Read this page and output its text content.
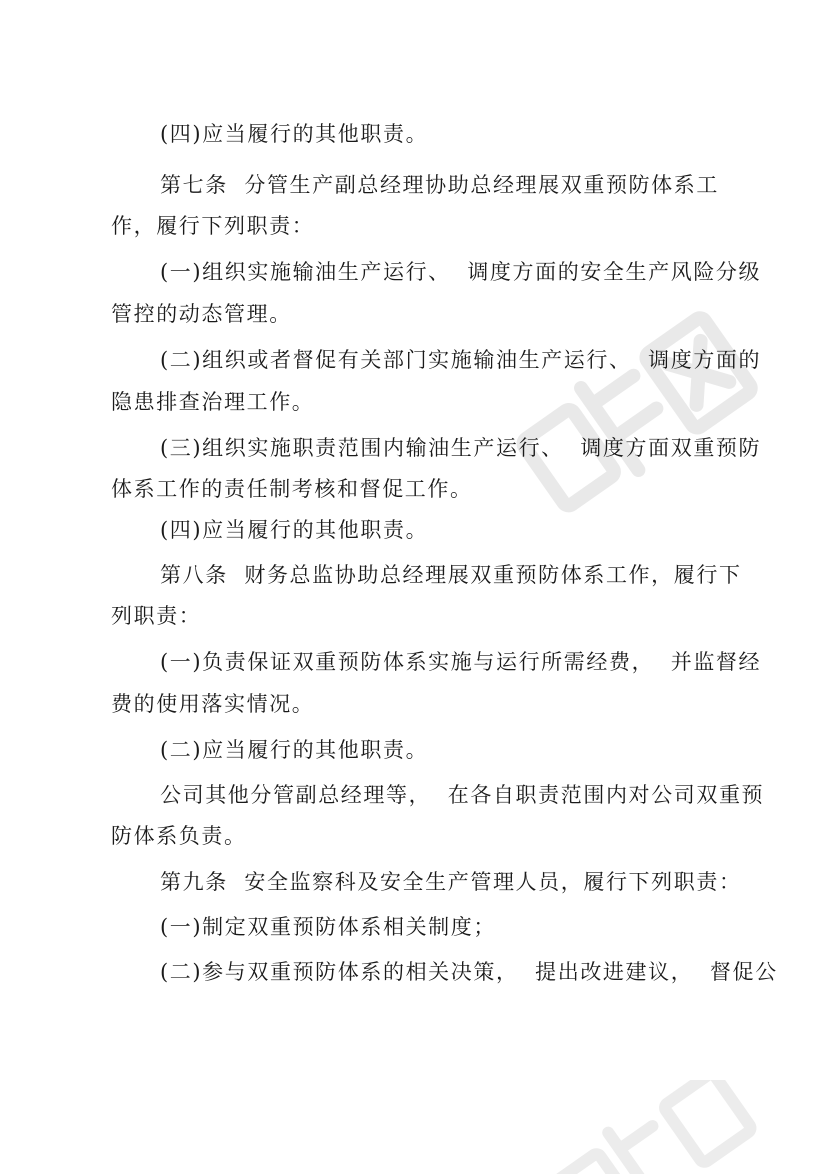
(四)应当履行的其他职责。
第七条  分管生产副总经理协助总经理展双重预防体系工
作，履行下列职责：
(一)组织实施输油生产运行、  调度方面的安全生产风险分级
管控的动态管理。
(二)组织或者督促有关部门实施输油生产运行、  调度方面的
隐患排查治理工作。
(三)组织实施职责范围内输油生产运行、  调度方面双重预防
体系工作的责任制考核和督促工作。
(四)应当履行的其他职责。
第八条  财务总监协助总经理展双重预防体系工作，履行下
列职责：
(一)负责保证双重预防体系实施与运行所需经费，  并监督经
费的使用落实情况。
(二)应当履行的其他职责。
公司其他分管副总经理等，  在各自职责范围内对公司双重预
防体系负责。
第九条  安全监察科及安全生产管理人员，履行下列职责：
(一)制定双重预防体系相关制度；
(二)参与双重预防体系的相关决策，  提出改进建议，  督促公
